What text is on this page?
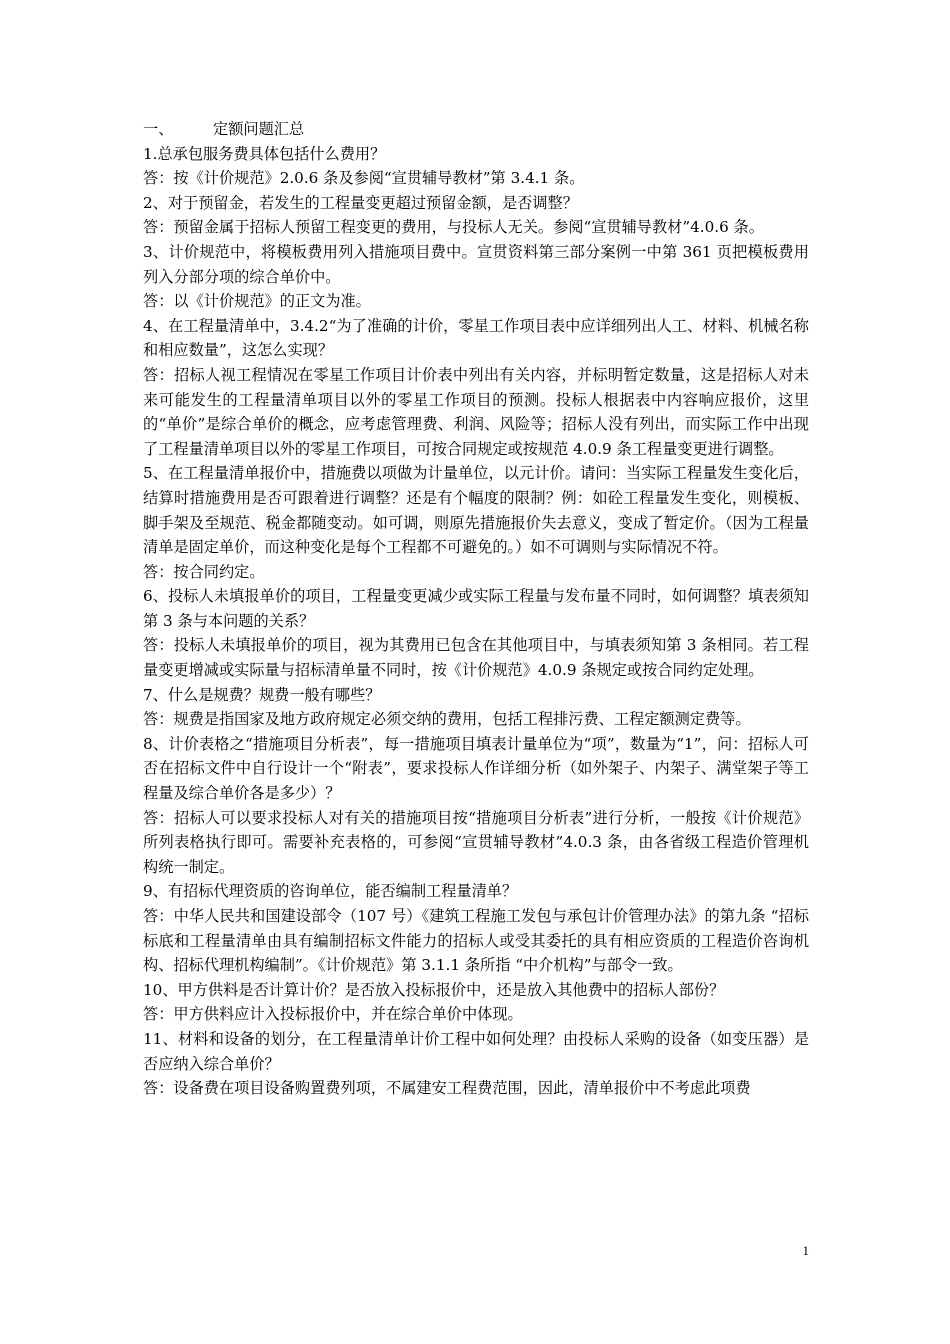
一、	定额问题汇总

1.总承包服务费具体包括什么费用？

答：按《计价规范》2.0.6 条及参阅“宣贯辅导教材”第 3.4.1 条。

2、对于预留金，若发生的工程量变更超过预留金额，是否调整？

答：预留金属于招标人预留工程变更的费用，与投标人无关。参阅“宣贯辅导教材”4.0.6 条。

3、计价规范中，将模板费用列入措施项目费中。宣贯资料第三部分案例一中第 361 页把模板费用列入分部分项的综合单价中。

答：以《计价规范》的正文为准。

4、在工程量清单中，3.4.2“为了准确的计价，零星工作项目表中应详细列出人工、材料、机械名称和相应数量”，这怎么实现？

答：招标人视工程情况在零星工作项目计价表中列出有关内容，并标明暂定数量，这是招标人对未来可能发生的工程量清单项目以外的零星工作项目的预测。投标人根据表中内容响应报价，这里的“单价”是综合单价的概念，应考虑管理费、利润、风险等；招标人没有列出，而实际工作中出现了工程量清单项目以外的零星工作项目，可按合同规定或按规范 4.0.9 条工程量变更进行调整。

5、在工程量清单报价中，措施费以项做为计量单位，以元计价。请问：当实际工程量发生变化后，结算时措施费用是否可跟着进行调整？还是有个幅度的限制？例：如砼工程量发生变化，则模板、脚手架及至规范、税金都随变动。如可调，则原先措施报价失去意义，变成了暂定价。（因为工程量清单是固定单价，而这种变化是每个工程都不可避免的。）如不可调则与实际情况不符。

答：按合同约定。

6、投标人未填报单价的项目，工程量变更减少或实际工程量与发布量不同时，如何调整？填表须知第 3 条与本问题的关系？

答：投标人未填报单价的项目，视为其费用已包含在其他项目中，与填表须知第 3 条相同。若工程量变更增减或实际量与招标清单量不同时，按《计价规范》4.0.9 条规定或按合同约定处理。

7、什么是规费？规费一般有哪些？

答：规费是指国家及地方政府规定必须交纳的费用，包括工程排污费、工程定额测定费等。

8、计价表格之“措施项目分析表”，每一措施项目填表计量单位为“项”，数量为“1”，问：招标人可否在招标文件中自行设计一个“附表”，要求投标人作详细分析（如外架子、内架子、满堂架子等工程量及综合单价各是多少）？

答：招标人可以要求投标人对有关的措施项目按“措施项目分析表”进行分析，一般按《计价规范》所列表格执行即可。需要补充表格的，可参阅“宣贯辅导教材”4.0.3 条，由各省级工程造价管理机构统一制定。

9、有招标代理资质的咨询单位，能否编制工程量清单？

答：中华人民共和国建设部令（107 号）《建筑工程施工发包与承包计价管理办法》的第九条 “招标标底和工程量清单由具有编制招标文件能力的招标人或受其委托的具有相应资质的工程造价咨询机构、招标代理机构编制”。《计价规范》第 3.1.1 条所指 “中介机构”与部令一致。

10、甲方供料是否计算计价？是否放入投标报价中，还是放入其他费中的招标人部份？

答：甲方供料应计入投标报价中，并在综合单价中体现。

11、材料和设备的划分，在工程量清单计价工程中如何处理？由投标人采购的设备（如变压器）是否应纳入综合单价？

答：设备费在项目设备购置费列项，不属建安工程费范围，因此，清单报价中不考虑此项费

1
